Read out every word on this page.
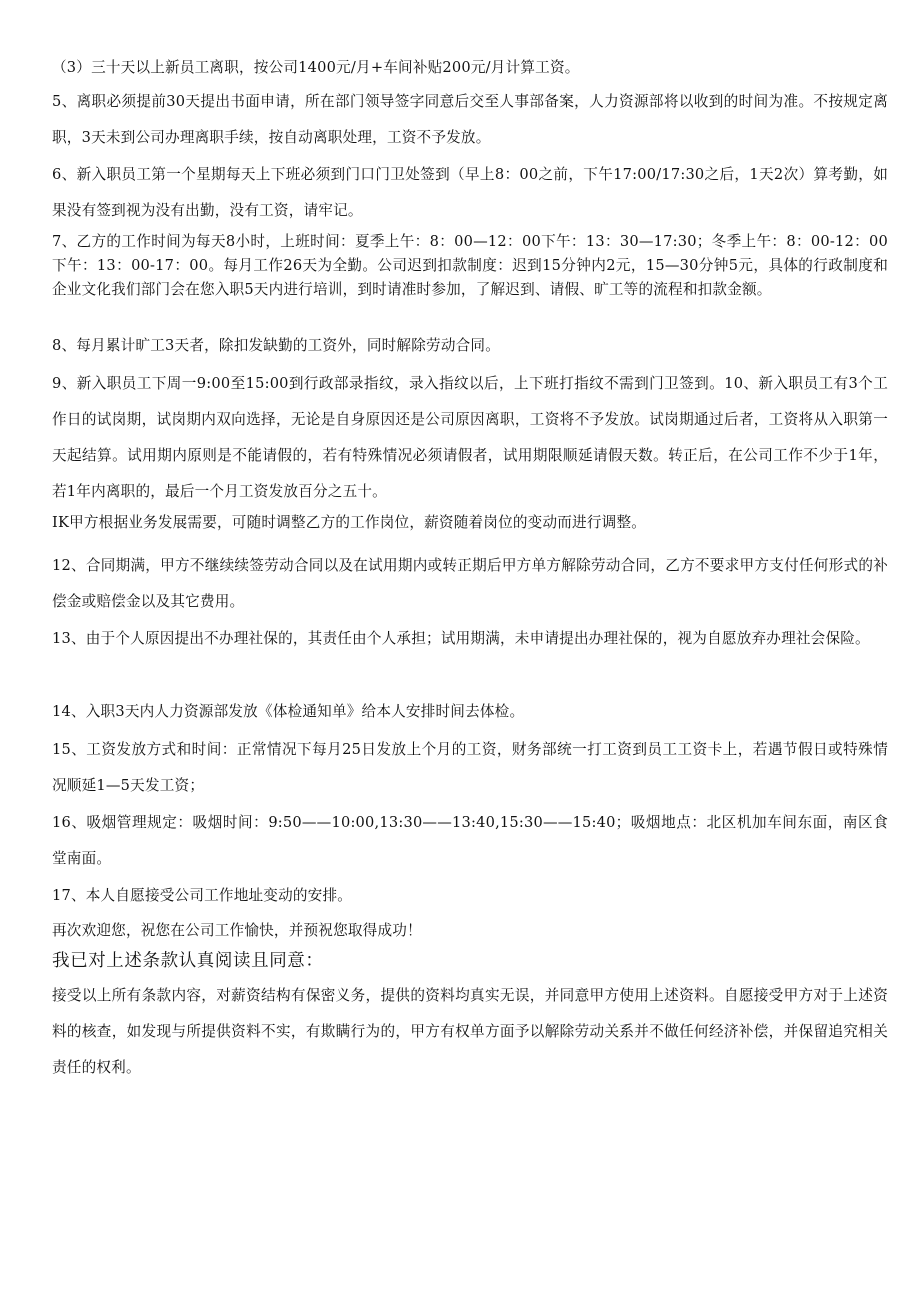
（3）三十天以上新员工离职，按公司1400元/月+车间补贴200元/月计算工资。

5、离职必须提前30天提出书面申请，所在部门领导签字同意后交至人事部备案，人力资源部将以收到的时间为准。不按规定离职，3天未到公司办理离职手续，按自动离职处理，工资不予发放。

6、新入职员工第一个星期每天上下班必须到门口门卫处签到（早上8：00之前，下午17:00/17:30之后，1天2次）算考勤，如果没有签到视为没有出勤，没有工资，请牢记。

7、乙方的工作时间为每天8小时，上班时间：夏季上午：8：00—12：00下午：13：30—17:30；冬季上午：8：00-12：00下午：13：00-17：00。每月工作26天为全勤。公司迟到扣款制度：迟到15分钟内2元，15—30分钟5元，具体的行政制度和企业文化我们部门会在您入职5天内进行培训，到时请准时参加，了解迟到、请假、旷工等的流程和扣款金额。

8、每月累计旷工3天者，除扣发缺勤的工资外，同时解除劳动合同。

9、新入职员工下周一9:00至15:00到行政部录指纹，录入指纹以后，上下班打指纹不需到门卫签到。10、新入职员工有3个工作日的试岗期，试岗期内双向选择，无论是自身原因还是公司原因离职，工资将不予发放。试岗期通过后者，工资将从入职第一天起结算。试用期内原则是不能请假的，若有特殊情况必须请假者，试用期限顺延请假天数。转正后，在公司工作不少于1年，若1年内离职的，最后一个月工资发放百分之五十。

IK甲方根据业务发展需要，可随时调整乙方的工作岗位，薪资随着岗位的变动而进行调整。

12、合同期满，甲方不继续续签劳动合同以及在试用期内或转正期后甲方单方解除劳动合同，乙方不要求甲方支付任何形式的补偿金或赔偿金以及其它费用。

13、由于个人原因提出不办理社保的，其责任由个人承担；试用期满，未申请提出办理社保的，视为自愿放弃办理社会保险。

14、入职3天内人力资源部发放《体检通知单》给本人安排时间去体检。

15、工资发放方式和时间：正常情况下每月25日发放上个月的工资，财务部统一打工资到员工工资卡上，若遇节假日或特殊情况顺延1—5天发工资；

16、吸烟管理规定：吸烟时间：9:50——10:00,13:30——13:40,15:30——15:40；吸烟地点：北区机加车间东面，南区食堂南面。

17、本人自愿接受公司工作地址变动的安排。

再次欢迎您，祝您在公司工作愉快，并预祝您取得成功！

我已对上述条款认真阅读且同意：

接受以上所有条款内容，对薪资结构有保密义务，提供的资料均真实无误，并同意甲方使用上述资料。自愿接受甲方对于上述资料的核查，如发现与所提供资料不实，有欺瞒行为的，甲方有权单方面予以解除劳动关系并不做任何经济补偿，并保留追究相关责任的权利。
